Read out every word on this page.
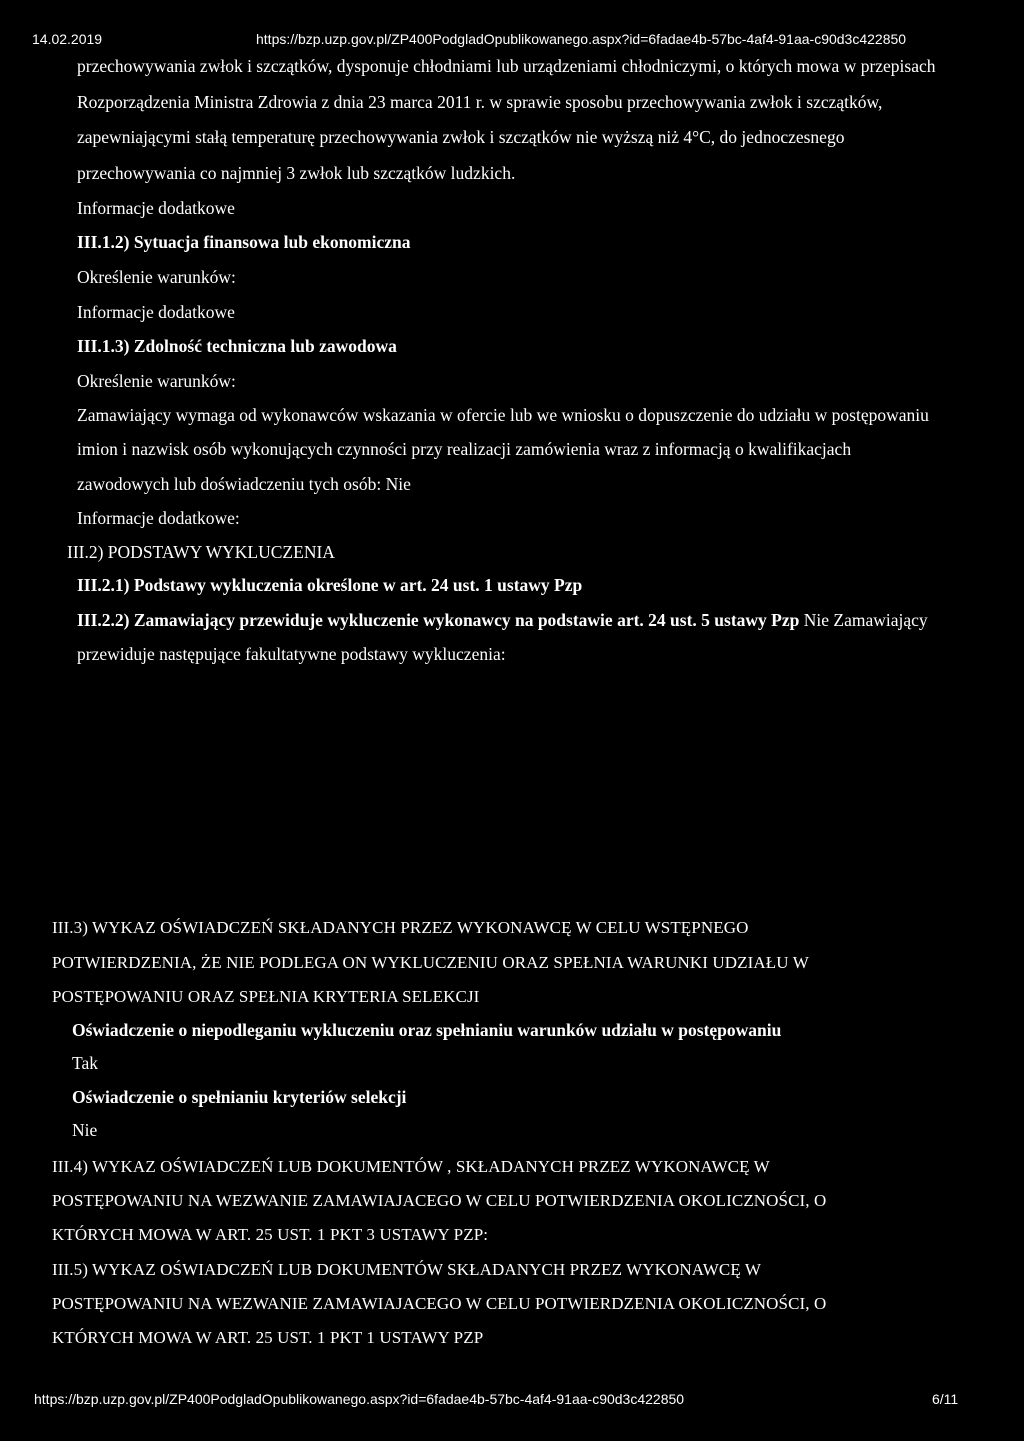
14.02.2019	https://bzp.uzp.gov.pl/ZP400PodgladOpublikowanego.aspx?id=6fadae4b-57bc-4af4-91aa-c90d3c422850
przechowywania zwłok i szczątków, dysponuje chłodniami lub urządzeniami chłodniczymi, o których mowa w przepisach
Rozporządzenia Ministra Zdrowia z dnia 23 marca 2011 r. w sprawie sposobu przechowywania zwłok i szczątków,
zapewniającymi stałą temperaturę przechowywania zwłok i szczątków nie wyższą niż 4°C, do jednoczesnego
przechowywania co najmniej 3 zwłok lub szczątków ludzkich.
Informacje dodatkowe
III.1.2) Sytuacja finansowa lub ekonomiczna
Określenie warunków:
Informacje dodatkowe
III.1.3) Zdolność techniczna lub zawodowa
Określenie warunków:
Zamawiający wymaga od wykonawców wskazania w ofercie lub we wniosku o dopuszczenie do udziału w postępowaniu
imion i nazwisk osób wykonujących czynności przy realizacji zamówienia wraz z informacją o kwalifikacjach
zawodowych lub doświadczeniu tych osób: Nie
Informacje dodatkowe:
III.2) PODSTAWY WYKLUCZENIA
III.2.1) Podstawy wykluczenia określone w art. 24 ust. 1 ustawy Pzp
III.2.2) Zamawiający przewiduje wykluczenie wykonawcy na podstawie art. 24 ust. 5 ustawy Pzp Nie Zamawiający
przewiduje następujące fakultatywne podstawy wykluczenia:
III.3) WYKAZ OŚWIADCZEŃ SKŁADANYCH PRZEZ WYKONAWCĘ W CELU WSTĘPNEGO
POTWIERDZENIA, ŻE NIE PODLEGA ON WYKLUCZENIU ORAZ SPEŁNIA WARUNKI UDZIAŁU W
POSTĘPOWANIU ORAZ SPEŁNIA KRYTERIA SELEKCJI
Oświadczenie o niepodleganiu wykluczeniu oraz spełnianiu warunków udziału w postępowaniu
Tak
Oświadczenie o spełnianiu kryteriów selekcji
Nie
III.4) WYKAZ OŚWIADCZEŃ LUB DOKUMENTÓW , SKŁADANYCH PRZEZ WYKONAWCĘ W
POSTĘPOWANIU NA WEZWANIE ZAMAWIAJACEGO W CELU POTWIERDZENIA OKOLICZNOŚCI, O
KTÓRYCH MOWA W ART. 25 UST. 1 PKT 3 USTAWY PZP:
III.5) WYKAZ OŚWIADCZEŃ LUB DOKUMENTÓW SKŁADANYCH PRZEZ WYKONAWCĘ W
POSTĘPOWANIU NA WEZWANIE ZAMAWIAJACEGO W CELU POTWIERDZENIA OKOLICZNOŚCI, O
KTÓRYCH MOWA W ART. 25 UST. 1 PKT 1 USTAWY PZP
https://bzp.uzp.gov.pl/ZP400PodgladOpublikowanego.aspx?id=6fadae4b-57bc-4af4-91aa-c90d3c422850	6/11
